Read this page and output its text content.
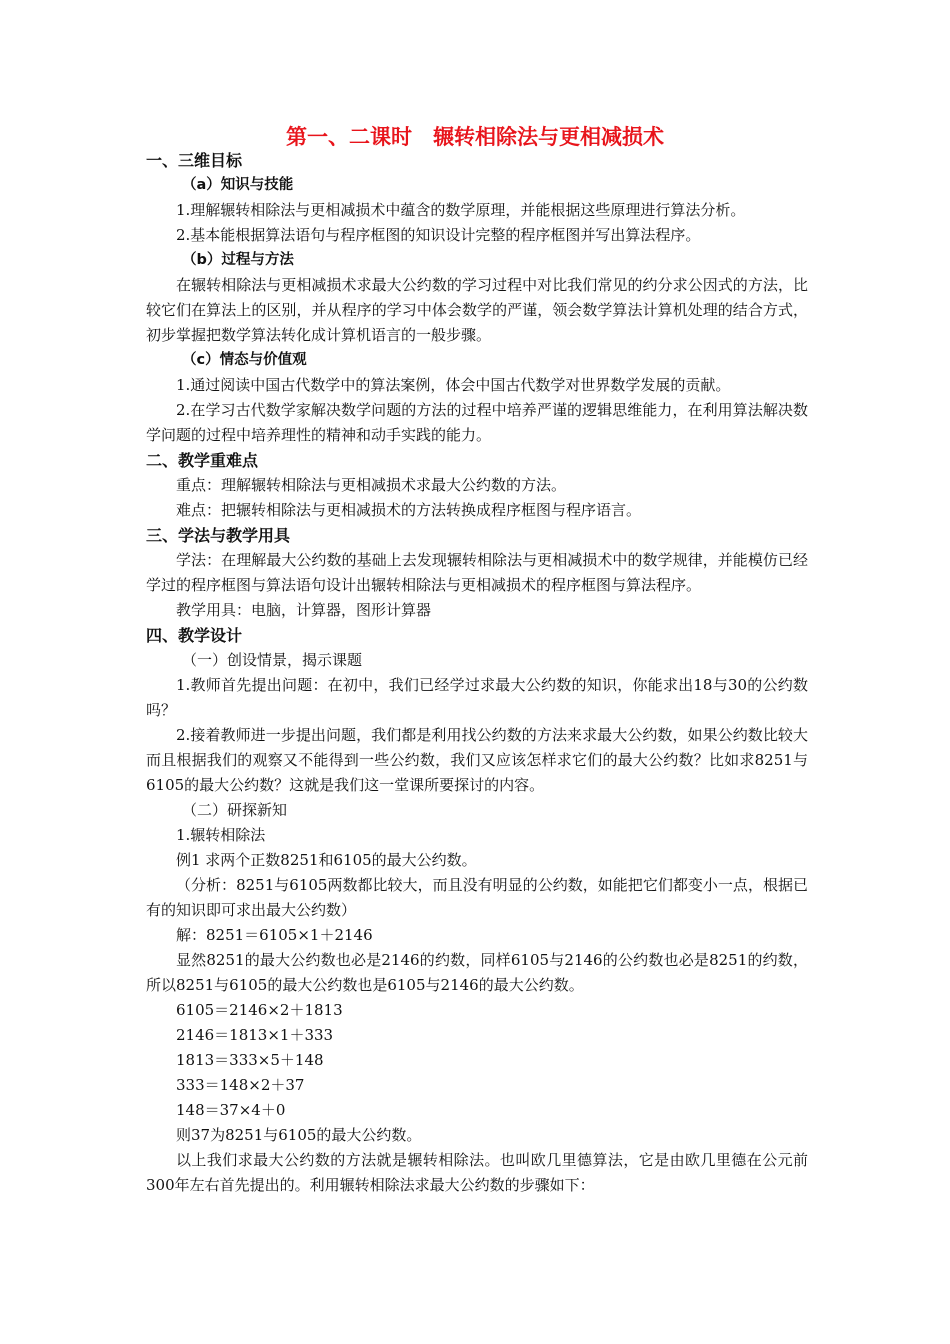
第一、二课时　辗转相除法与更相减损术

一、三维目标

（a）知识与技能

1.理解辗转相除法与更相减损术中蕴含的数学原理，并能根据这些原理进行算法分析。

2.基本能根据算法语句与程序框图的知识设计完整的程序框图并写出算法程序。

（b）过程与方法

在辗转相除法与更相减损术求最大公约数的学习过程中对比我们常见的约分求公因式的方法，比较它们在算法上的区别，并从程序的学习中体会数学的严谨，领会数学算法计算机处理的结合方式，初步掌握把数学算法转化成计算机语言的一般步骤。

（c）情态与价值观

1.通过阅读中国古代数学中的算法案例，体会中国古代数学对世界数学发展的贡献。

2.在学习古代数学家解决数学问题的方法的过程中培养严谨的逻辑思维能力，在利用算法解决数学问题的过程中培养理性的精神和动手实践的能力。

二、教学重难点

重点：理解辗转相除法与更相减损术求最大公约数的方法。

难点：把辗转相除法与更相减损术的方法转换成程序框图与程序语言。

三、学法与教学用具

学法：在理解最大公约数的基础上去发现辗转相除法与更相减损术中的数学规律，并能模仿已经学过的程序框图与算法语句设计出辗转相除法与更相减损术的程序框图与算法程序。

教学用具：电脑，计算器，图形计算器

四、教学设计

（一）创设情景，揭示课题

1.教师首先提出问题：在初中，我们已经学过求最大公约数的知识，你能求出18与30的公约数吗？

2.接着教师进一步提出问题，我们都是利用找公约数的方法来求最大公约数，如果公约数比较大而且根据我们的观察又不能得到一些公约数，我们又应该怎样求它们的最大公约数？比如求8251与6105的最大公约数？这就是我们这一堂课所要探讨的内容。

（二）研探新知

1.辗转相除法

例1 求两个正数8251和6105的最大公约数。

（分析：8251与6105两数都比较大，而且没有明显的公约数，如能把它们都变小一点，根据已有的知识即可求出最大公约数）

解：8251＝6105×1＋2146

显然8251的最大公约数也必是2146的约数，同样6105与2146的公约数也必是8251的约数，所以8251与6105的最大公约数也是6105与2146的最大公约数。

6105＝2146×2＋1813

2146＝1813×1＋333

1813＝333×5＋148

333＝148×2＋37

148＝37×4＋0

则37为8251与6105的最大公约数。

以上我们求最大公约数的方法就是辗转相除法。也叫欧几里德算法，它是由欧几里德在公元前300年左右首先提出的。利用辗转相除法求最大公约数的步骤如下：
